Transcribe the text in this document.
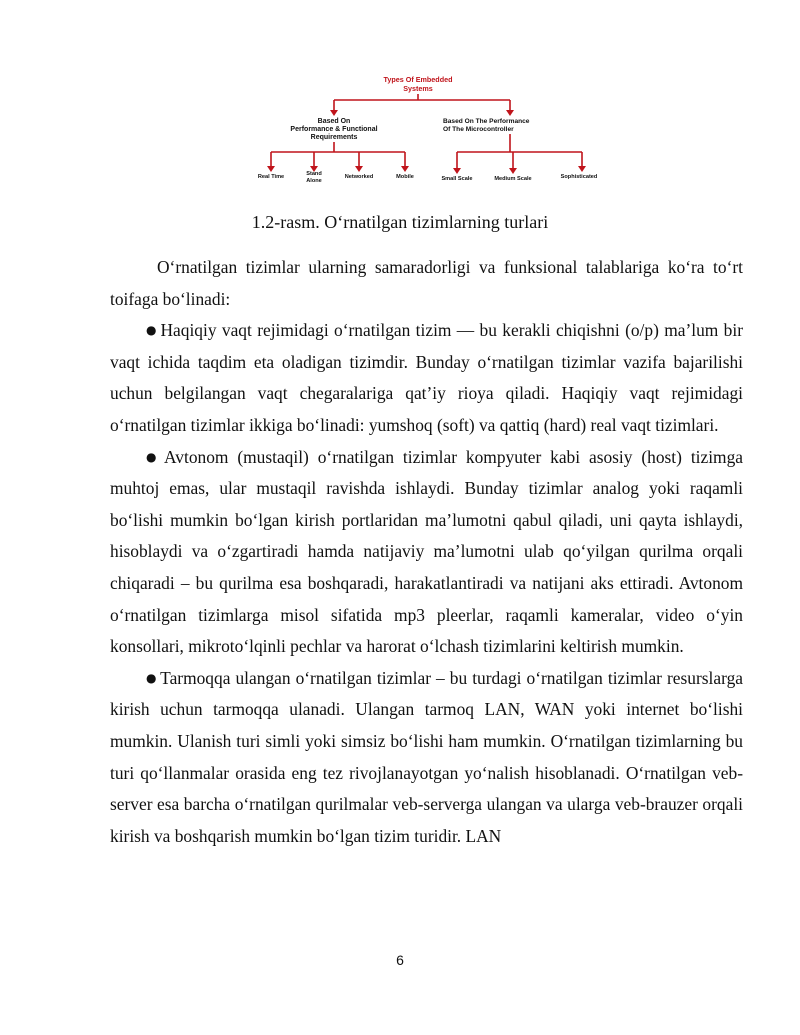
Types Of Embedded
Systems
Based On
Performance & Functional
Requirements
Based On The Performance
Of The Microcontroller
Real Time	Stand
Alone
Networked	Mobile	Small Scale	Medium Scale	Sophisticated
1.2-rasm. Oʻrnatilgan tizimlarning turlari

Oʻrnatilgan tizimlar ularning samaradorligi va funksional talablariga koʻra toʻrt toifaga boʻlinadi:

● Haqiqiy vaqt rejimidagi oʻrnatilgan tizim — bu kerakli chiqishni (o/p) maʼlum bir vaqt ichida taqdim eta oladigan tizimdir. Bunday oʻrnatilgan tizimlar vazifa bajarilishi uchun belgilangan vaqt chegaralariga qatʼiy rioya qiladi. Haqiqiy vaqt rejimidagi oʻrnatilgan tizimlar ikkiga boʻlinadi: yumshoq (soft) va qattiq (hard) real vaqt tizimlari.

● Avtonom (mustaqil) oʻrnatilgan tizimlar kompyuter kabi asosiy (host) tizimga muhtoj emas, ular mustaqil ravishda ishlaydi. Bunday tizimlar analog yoki raqamli boʻlishi mumkin boʻlgan kirish portlaridan maʼlumotni qabul qiladi, uni qayta ishlaydi, hisoblaydi va oʻzgartiradi hamda natijaviy maʼlumotni ulab qoʻyilgan qurilma orqali chiqaradi – bu qurilma esa boshqaradi, harakatlantiradi va natijani aks ettiradi. Avtonom oʻrnatilgan tizimlarga misol sifatida mp3 pleerlar, raqamli kameralar, video oʻyin konsollari, mikrotoʻlqinli pechlar va harorat oʻlchash tizimlarini keltirish mumkin.

● Tarmoqqa ulangan oʻrnatilgan tizimlar – bu turdagi oʻrnatilgan tizimlar resurslarga kirish uchun tarmoqqa ulanadi. Ulangan tarmoq LAN, WAN yoki internet boʻlishi mumkin. Ulanish turi simli yoki simsiz boʻlishi ham mumkin. Oʻrnatilgan tizimlarning bu turi qoʻllanmalar orasida eng tez rivojlanayotgan yoʻnalish hisoblanadi. Oʻrnatilgan veb-server esa barcha oʻrnatilgan qurilmalar veb-serverga ulangan va ularga veb-brauzer orqali kirish va boshqarish mumkin boʻlgan tizim turidir. LAN

6
